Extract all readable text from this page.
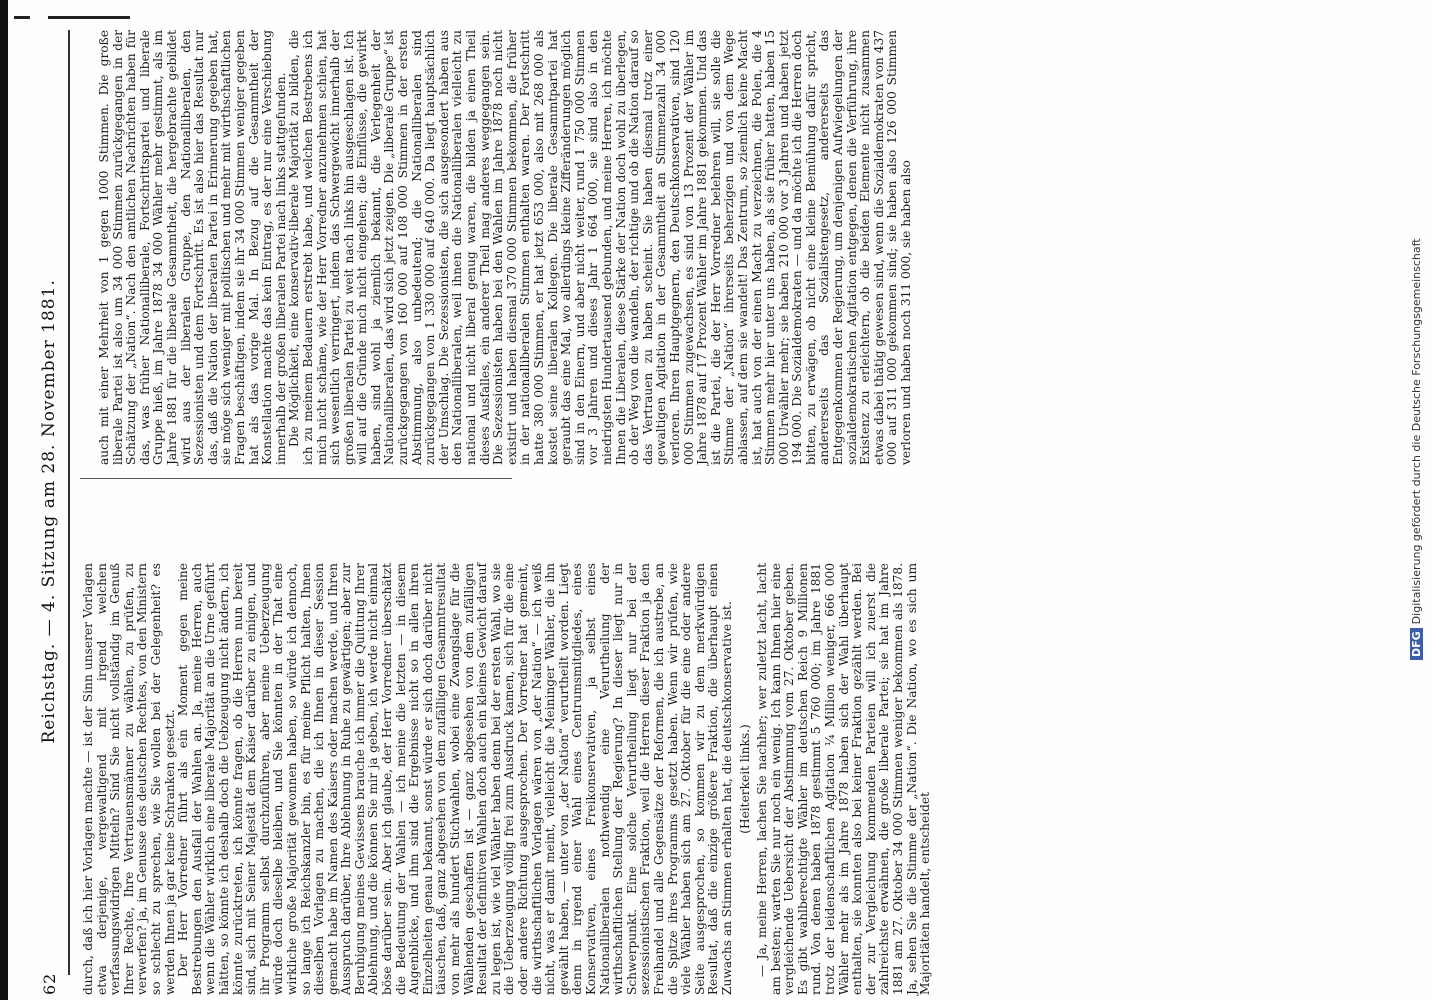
62
Reichstag. — 4. Sitzung am 28. November 1881.

durch, daß ich hier Vorlagen machte — ist der Sinn unserer Vorlagen etwa derjenige, vergewaltigend mit irgend welchen verfassungswidrigen Mitteln? Sind Sie nicht vollständig im Genuß Ihrer Rechte, Ihre Vertrauensmänner zu wählen, zu prüfen, zu verwerfen? ja, im Genusse des deutschen Rechtes, von den Ministern so schlecht zu sprechen, wie Sie wollen bei der Gelegenheit? es werden Ihnen ja gar keine Schranken gesetzt. Der Herr Vorredner führt als ein Moment gegen meine Bestrebungen den Ausfall der Wahlen an. Ja, meine Herren, auch wenn die Wähler wirklich eine liberale Majorität an die Urne geführt hätten, so könnte ich deshalb doch die Uebzeugung nicht ändern, ich könnte zurücktreten, ich könnte fragen, ob die Herren nun bereit sind, sich mit Seiner Majestät dem Kaiser darüber zu einigen, und ihr Programm selbst durchzuführen, aber meine Ueberzeugung würde doch dieselbe bleiben, und Sie könnten in der That eine wirkliche große Majorität gewonnen haben, so würde ich dennoch, so lange ich Reichskanzler bin, es für meine Pflicht halten, Ihnen dieselben Vorlagen zu machen, die ich Ihnen in dieser Session gemacht habe im Namen des Kaisers oder machen werde, und Ihren Ausspruch darüber, Ihre Ablehnung in Ruhe zu gewärtigen; aber zur Beruhigung meines Gewissens brauche ich immer die Quittung Ihrer Ablehnung, und die können Sie mir ja geben, ich werde nicht einmal böse darüber sein. Aber ich glaube, der Herr Vorredner überschätzt die Bedeutung der Wahlen — ich meine die letzten — in diesem Augenblicke, und ihm sind die Ergebnisse nicht so in allen ihren Einzelheiten genau bekannt, sonst würde er sich doch darüber nicht täuschen, daß, ganz abgesehen von dem zufälligen Gesammtresultat von mehr als hundert Stichwahlen, wobei eine Zwangslage für die Wählenden geschaffen ist — ganz abgesehen von dem zufälligen Resultat der definitiven Wahlen doch auch ein kleines Gewicht darauf zu legen ist, wie viel Wähler haben denn bei der ersten Wahl, wo sie die Ueberzeugung völlig frei zum Ausdruck kamen, sich für die eine oder andere Richtung ausgesprochen. Der Vorredner hat gemeint, die wirthschaftlichen Vorlagen wären von „der Nation“ — ich weiß nicht, was er damit meint, vielleicht die Meininger Wähler, die ihn gewählt haben, — unter von „der Nation“ verurtheilt worden. Liegt denn in irgend einer Wahl eines Centrumsmitgliedes, eines Konservativen, eines Freikonservativen, ja selbst eines Nationalliberalen nothwendig eine Verurtheilung der wirthschaftlichen Stellung der Regierung? In dieser liegt nur in Schwerpunkt. Eine solche Verurtheilung liegt nur bei der sezessionistischen Fraktion, weil die Herren dieser Fraktion ja den Freihandel und alle Gegensätze der Reformen, die ich austrebe, an die Spitze ihres Programms gesetzt haben. Wenn wir prüfen, wie viele Wähler haben sich am 27. Oktober für die eine oder andere Seite ausgesprochen, so kommen wir zu dem merkwürdigen Resultat, daß die einzige größere Fraktion, die überhaupt einen Zuwachs an Stimmen erhalten hat, die deutschkonservative ist. (Heiterkeit links.) — Ja, meine Herren, lachen Sie nachher; wer zuletzt lacht, lacht am besten; warten Sie nur noch ein wenig. Ich kann Ihnen hier eine vergleichende Uebersicht der Abstimmung vom 27. Oktober geben. Es gibt wahlberechtigte Wähler im deutschen Reich 9 Millionen rund. Von denen haben 1878 gestimmt 5 760 000; im Jahre 1881 trotz der leidenschaftlichen Agitation ¼ Million weniger, 666 000 Wähler mehr als im Jahre 1878 haben sich der Wahl überhaupt enthalten, sie konnten also bei keiner Fraktion gezählt werden. Bei der zur Vergleichung kommenden Parteien will ich zuerst die zahlreichste erwähnen, die große liberale Partei; sie hat im Jahre 1881 am 27. Oktober 34 000 Stimmen weniger bekommen als 1878. Ja, sehen Sie die Stimme der „Nation“. Die Nation, wo es sich um Majoritäten handelt, entscheidet

auch mit einer Mehrheit von 1 gegen 1000 Stimmen. Die große liberale Partei ist also um 34 000 Stimmen zurückgegangen in der Schätzung der „Nation“. Nach den amtlichen Nachrichten haben für das, was früher Nationalliberale, Fortschrittspartei und liberale Gruppe hieß, im Jahre 1878 34 000 Wähler mehr gestimmt, als im Jahre 1881 für die liberale Gesammtheit, die hergebrachte gebildet wird aus der liberalen Gruppe, den Nationalliberalen, den Sezessionisten und dem Fortschritt. Es ist also hier das Resultat nur das, daß die Nation der liberalen Partei in Erinnerung gegeben hat, sie möge sich weniger mit politischen und mehr mit wirthschaftlichen Fragen beschäftigen, indem sie ihr 34 000 Stimmen weniger gegeben hat als das vorige Mal. In Bezug auf die Gesammtheit der Konstellation machte das kein Eintrag, es der nur eine Verschiebung innerhalb der großen liberalen Partei nach links stattgefunden. Die Möglichkeit, eine konservativ-liberale Majorität zu bilden, die ich zu meinem Bedauern erstrebt habe, und welchen Bestrebens ich mich nicht schäme, wie der Herr Vorredner anzunehmen schien, hat sich wesentlich verringert, indem das Schwergewicht innerhalb der großen liberalen Partei zu weit nach links hin ausgeschlagen ist. Ich will auf die Gründe mich nicht eingehen; die Einflüsse, die gewirkt haben, sind wohl ja ziemlich bekannt, die Verlegenheit der Nationalliberalen, das wird sich jetzt zeigen. Die „liberale Gruppe“ ist zurückgegangen von 160 000 auf 108 000 Stimmen in der ersten Abstimmung, also unbedeutend; die Nationalliberalen sind zurückgegangen von 1 330 000 auf 640 000. Da liegt hauptsächlich der Umschlag. Die Sezessionisten, die sich ausgesondert haben aus den Nationalliberalen, weil ihnen die Nationalliberalen vielleicht zu national und nicht liberal genug waren, die bilden ja einen Theil dieses Ausfalles, ein anderer Theil mag anderes weggegangen sein. Die Sezessionisten haben bei den Wahlen im Jahre 1878 noch nicht existirt und haben diesmal 370 000 Stimmen bekommen, die früher in der nationalliberalen Stimmen enthalten waren. Der Fortschritt hatte 380 000 Stimmen, er hat jetzt 653 000, also mit 268 000 als kostet seine liberalen Kollegen. Die liberale Gesammtpartei hat geraubt das eine Mal, wo allerdings kleine Zifferänderungen möglich sind in den Einern, und aber nicht weiter, rund 1 750 000 Stimmen vor 3 Jahren und dieses Jahr 1 664 000, sie sind also in den niedrigsten Hundertausend gebunden, und meine Herren, ich möchte Ihnen die Liberalen, diese Stärke der Nation doch wohl zu überlegen, ob der Weg von die wandeln, der richtige und ob die Nation darauf so das Vertrauen zu haben scheint. Sie haben diesmal trotz einer gewaltigen Agitation in der Gesammtheit an Stimmenzahl 34 000 verloren. Ihren Hauptgegnern, den Deutschkonservativen, sind 120 000 Stimmen zugewachsen, es sind von 13 Prozent der Wähler im Jahre 1878 auf 17 Prozent Wähler im Jahre 1881 gekommen. Und das ist die Partei, die der Herr Vorredner belehren will, sie solle die Stimme der „Nation“ ihrerseits beherzigen und von dem Wege ablassen, auf dem sie wandelt! Das Zentrum, so ziemlich keine Macht ist, hat auch von der einen Macht zu verzeichnen, die Polen, die 4 Stimmen mehr hier unter uns haben, als sie früher hatten, haben 15 000 Urwähler mehr; sie haben 210 000 vor 3 Jahren und haben jetzt 194 000. Die Sozialdemokraten — und da möchte ich die Herren doch bitten, zu erwägen, ob nicht eine kleine Bemühung dafür spricht, andererseits das Sozialistengesetz, andererseits das Entgegenkommen der Regierung, um denjenigen Aufwiegelungen der sozialdemokratischen Agitation entgegen, denen die Verführung, ihre Existenz zu erleichtern, ob die beiden Elemente nicht zusammen etwas dabei thätig gewesen sind, wenn die Sozialdemokraten von 437 000 auf 311 000 gekommen sind; sie haben also 126 000 Stimmen verloren und haben noch 311 000, sie haben also

DFGDigitalisierung gefördert durch die Deutsche Forschungsgemeinschaft
